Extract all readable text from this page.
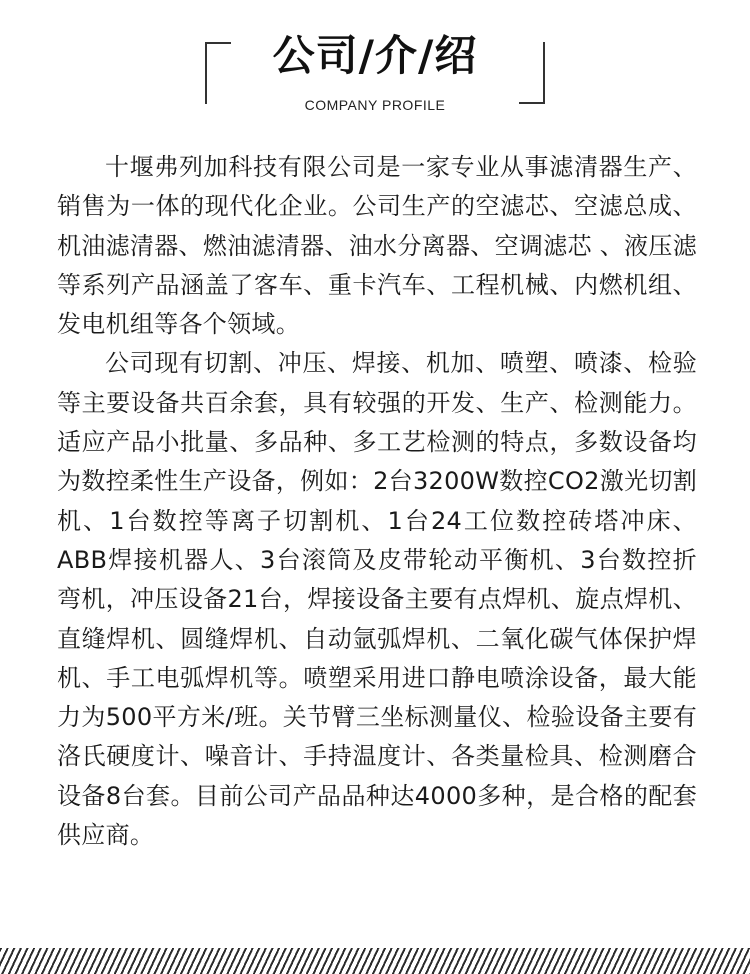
公司/介/绍
COMPANY PROFILE

十堰弗列加科技有限公司是一家专业从事滤清器生产、销售为一体的现代化企业。公司生产的空滤芯、空滤总成、机油滤清器、燃油滤清器、油水分离器、空调滤芯 、液压滤等系列产品涵盖了客车、重卡汽车、工程机械、内燃机组、发电机组等各个领域。

公司现有切割、冲压、焊接、机加、喷塑、喷漆、检验等主要设备共百余套，具有较强的开发、生产、检测能力。适应产品小批量、多品种、多工艺检测的特点，多数设备均为数控柔性生产设备，例如：2台3200W数控CO2激光切割机、1台数控等离子切割机、1台24工位数控砖塔冲床、ABB焊接机器人、3台滚筒及皮带轮动平衡机、3台数控折弯机，冲压设备21台，焊接设备主要有点焊机、旋点焊机、直缝焊机、圆缝焊机、自动氩弧焊机、二氧化碳气体保护焊机、手工电弧焊机等。喷塑采用进口静电喷涂设备，最大能力为500平方米/班。关节臂三坐标测量仪、检验设备主要有洛氏硬度计、噪音计、手持温度计、各类量检具、检测磨合设备8台套。目前公司产品品种达4000多种，是合格的配套供应商。
